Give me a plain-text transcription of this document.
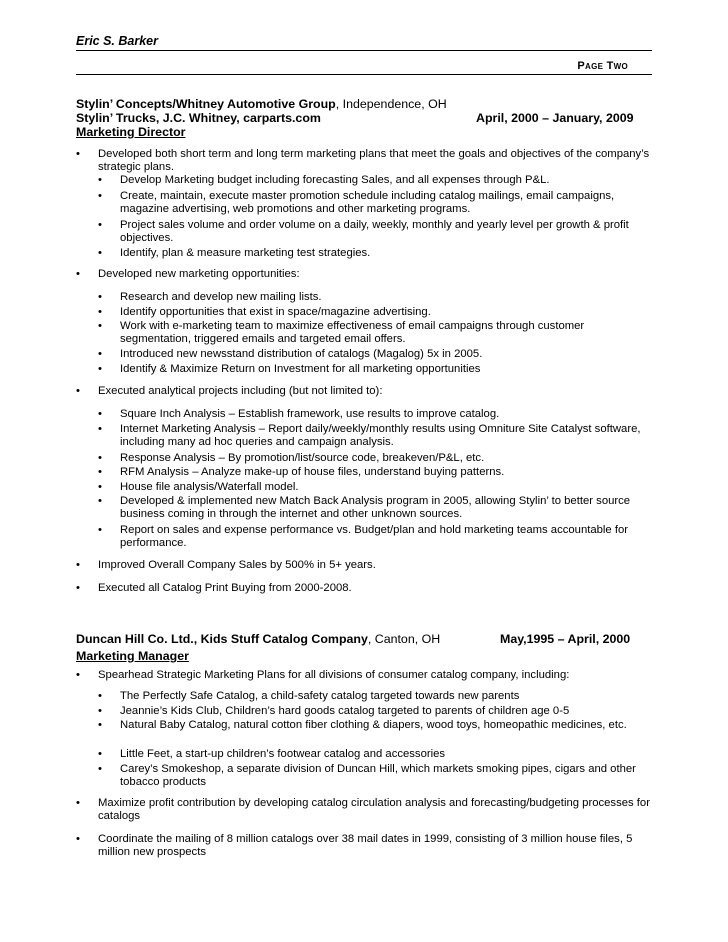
Eric S. Barker
Page Two
Stylin’ Concepts/Whitney Automotive Group, Independence, OH
Stylin’ Trucks, J.C. Whitney, carparts.com	April, 2000 – January, 2009
Marketing Director
• Developed both short term and long term marketing plans that meet the goals and objectives of the company’s strategic plans.
• Develop Marketing budget including forecasting Sales, and all expenses through P&L.
• Create, maintain, execute master promotion schedule including catalog mailings, email campaigns, magazine advertising, web promotions and other marketing programs.
• Project sales volume and order volume on a daily, weekly, monthly and yearly level per growth & profit objectives.
• Identify, plan & measure marketing test strategies.
• Developed new marketing opportunities:
• Research and develop new mailing lists.
• Identify opportunities that exist in space/magazine advertising.
• Work with e-marketing team to maximize effectiveness of email campaigns through customer segmentation, triggered emails and targeted email offers.
• Introduced new newsstand distribution of catalogs (Magalog) 5x in 2005.
• Identify & Maximize Return on Investment for all marketing opportunities
• Executed analytical projects including (but not limited to):
• Square Inch Analysis – Establish framework, use results to improve catalog.
• Internet Marketing Analysis – Report daily/weekly/monthly results using Omniture Site Catalyst software, including many ad hoc queries and campaign analysis.
• Response Analysis – By promotion/list/source code, breakeven/P&L, etc.
• RFM Analysis – Analyze make-up of house files, understand buying patterns.
• House file analysis/Waterfall model.
• Developed & implemented new Match Back Analysis program in 2005, allowing Stylin’ to better source business coming in through the internet and other unknown sources.
• Report on sales and expense performance vs. Budget/plan and hold marketing teams accountable for performance.
• Improved Overall Company Sales by 500% in 5+ years.
• Executed all Catalog Print Buying from 2000-2008.
Duncan Hill Co. Ltd., Kids Stuff Catalog Company, Canton, OH	May,1995 – April, 2000
Marketing Manager
• Spearhead Strategic Marketing Plans for all divisions of consumer catalog company, including:
• The Perfectly Safe Catalog, a child-safety catalog targeted towards new parents
• Jeannie’s Kids Club, Children’s hard goods catalog targeted to parents of children age 0-5
• Natural Baby Catalog, natural cotton fiber clothing & diapers, wood toys, homeopathic medicines, etc.
• Little Feet, a start-up children’s footwear catalog and accessories
• Carey’s Smokeshop, a separate division of Duncan Hill, which markets smoking pipes, cigars and other tobacco products
• Maximize profit contribution by developing catalog circulation analysis and forecasting/budgeting processes for catalogs
• Coordinate the mailing of 8 million catalogs over 38 mail dates in 1999, consisting of 3 million house files, 5 million new prospects
